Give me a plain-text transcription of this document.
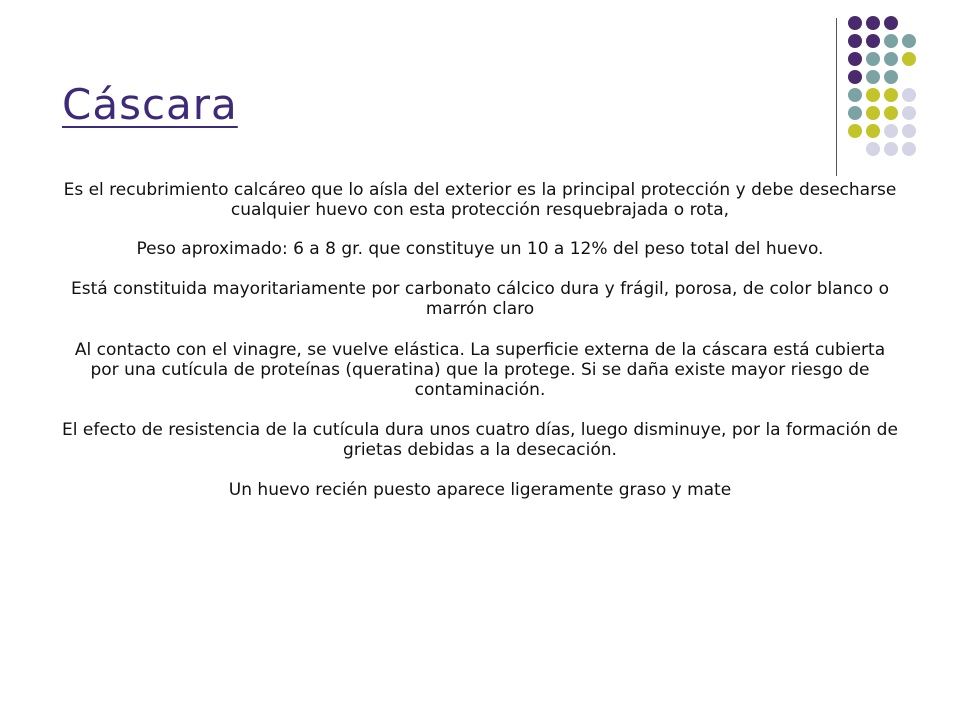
Cáscara

Es el recubrimiento calcáreo que lo aísla del exterior es la principal protección y debe desecharse cualquier huevo con esta protección resquebrajada o rota,

Peso aproximado: 6 a 8 gr. que constituye un 10 a 12% del peso total del huevo.

Está constituida mayoritariamente por carbonato cálcico dura y frágil, porosa, de color blanco o marrón claro

Al contacto con el vinagre, se vuelve elástica. La superficie externa de la cáscara está cubierta por una cutícula de proteínas (queratina) que la protege. Si se daña existe mayor riesgo de contaminación.

El efecto de resistencia de la cutícula dura unos cuatro días, luego disminuye, por la formación de grietas debidas a la desecación.

Un huevo recién puesto aparece ligeramente graso y mate
